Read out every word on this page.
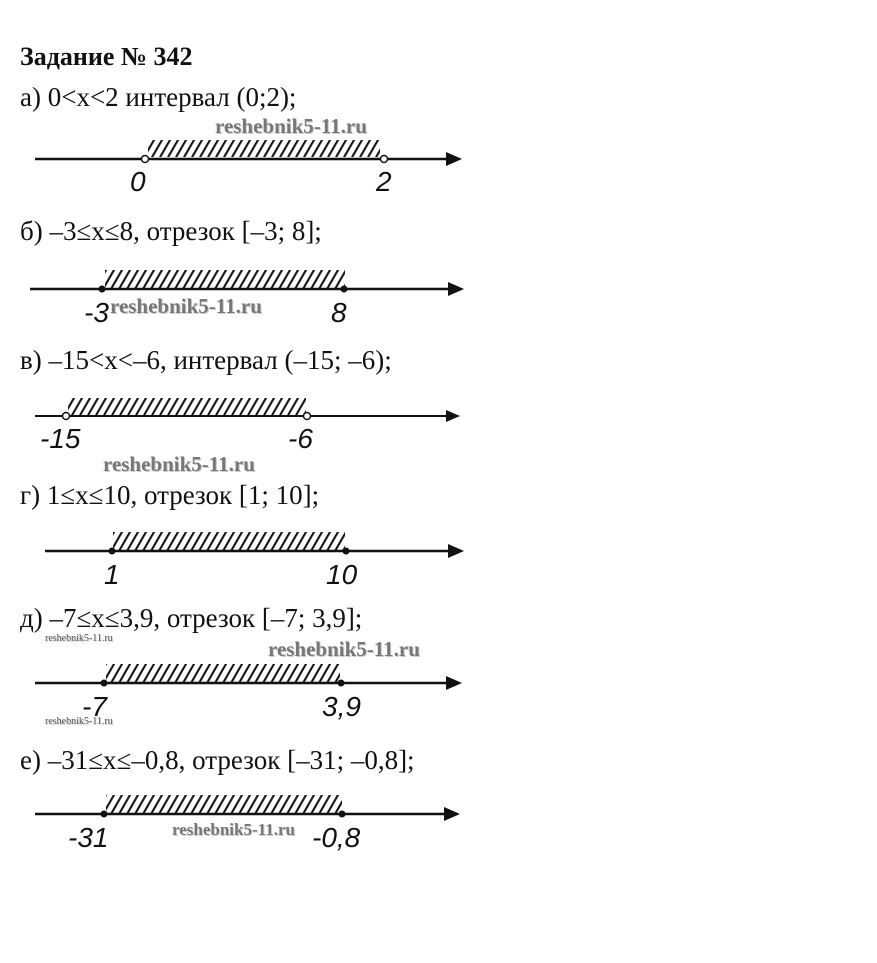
Задание № 342
а) 0<x<2 интервал (0;2);
reshebnik5-11.ru
0	2
б) –3≤x≤8, отрезок [–3; 8];
-3	8
reshebnik5-11.ru
в) –15<x<–6, интервал (–15; –6);
-15	-6
reshebnik5-11.ru
г) 1≤x≤10, отрезок [1; 10];
1	10
д) –7≤x≤3,9, отрезок [–7; 3,9];
reshebnik5-11.ru	reshebnik5-11.ru
-7	3,9
reshebnik5-11.ru
е) –31≤x≤–0,8, отрезок [–31; –0,8];
-31	-0,8
reshebnik5-11.ru
